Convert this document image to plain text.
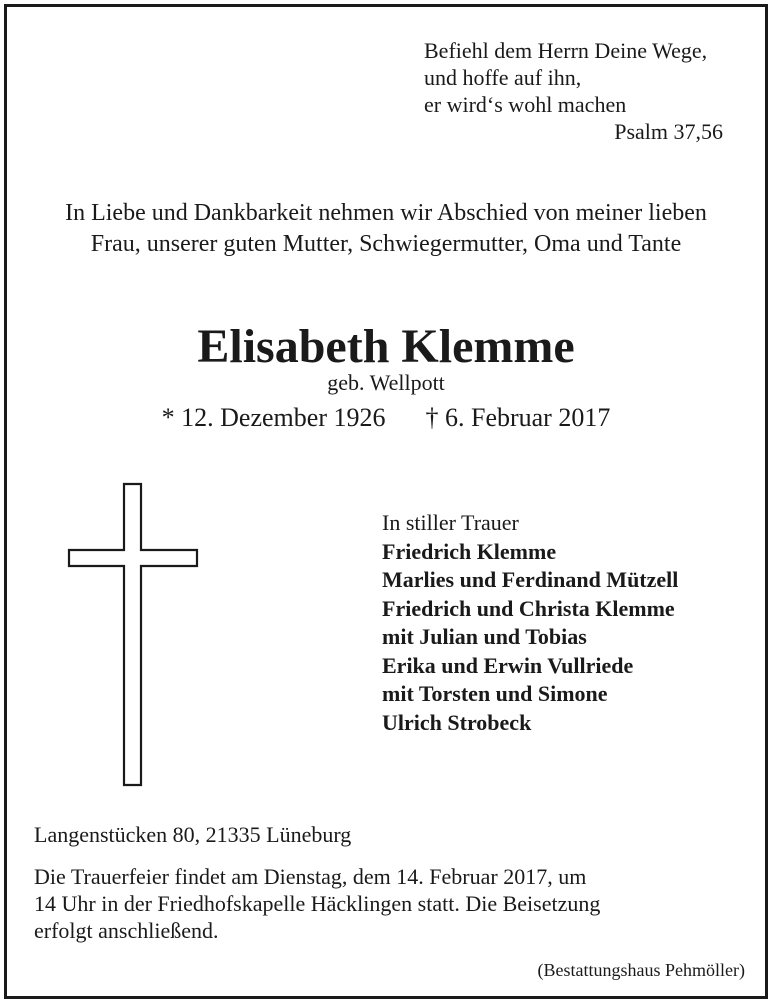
Befiehl dem Herrn Deine Wege,
und hoffe auf ihn,
er wird‘s wohl machen
Psalm 37,56
In Liebe und Dankbarkeit nehmen wir Abschied von meiner lieben
Frau, unserer guten Mutter, Schwiegermutter, Oma und Tante
Elisabeth Klemme
geb. Wellpott
* 12. Dezember 1926 † 6. Februar 2017
In stiller Trauer
Friedrich Klemme
Marlies und Ferdinand Mützell
Friedrich und Christa Klemme
mit Julian und Tobias
Erika und Erwin Vullriede
mit Torsten und Simone
Ulrich Strobeck
Langenstücken 80, 21335 Lüneburg
Die Trauerfeier findet am Dienstag, dem 14. Februar 2017, um
14 Uhr in der Friedhofskapelle Häcklingen statt. Die Beisetzung
erfolgt anschließend.
(Bestattungshaus Pehmöller)
